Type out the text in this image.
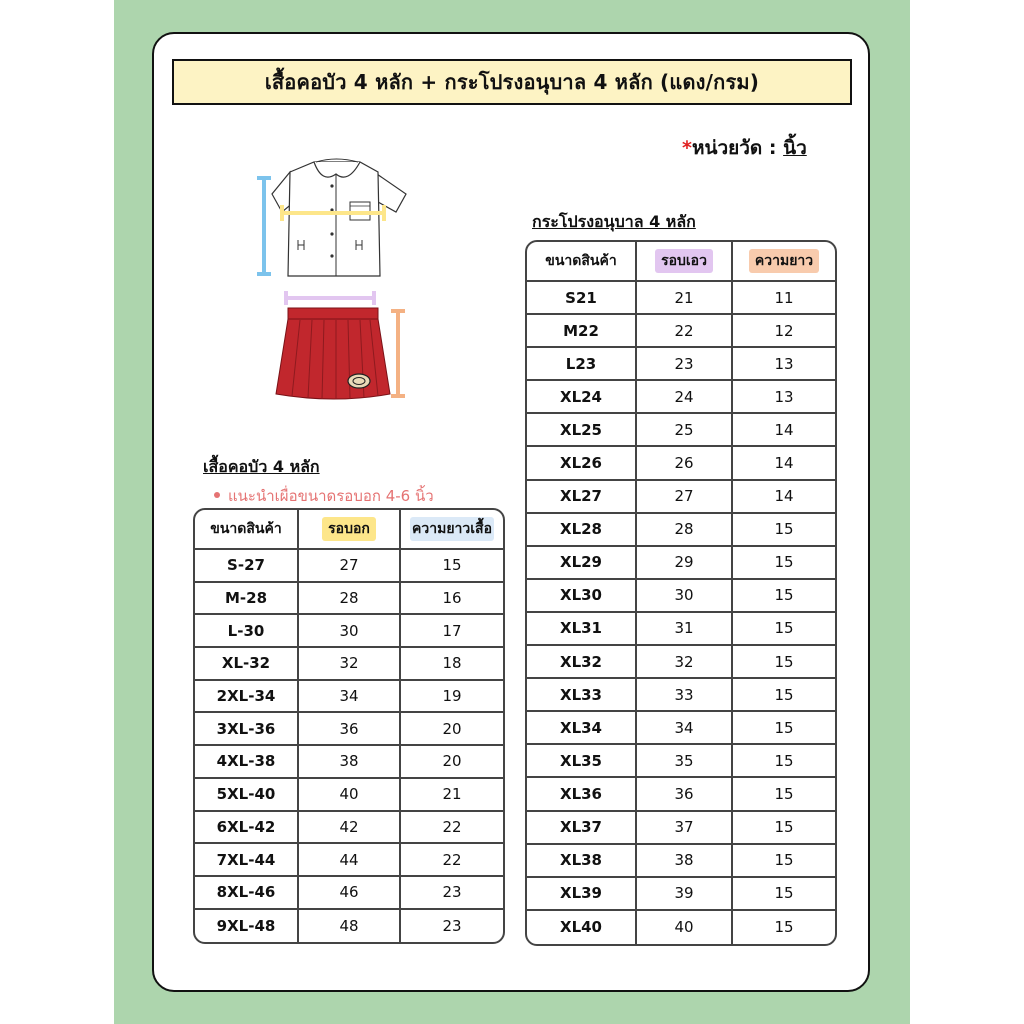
เสื้อคอบัว 4 หลัก + กระโปรงอนุบาล 4 หลัก (แดง/กรม)
*หน่วยวัด : นิ้ว
เสื้อคอบัว 4 หลัก
แนะนำเผื่อขนาดรอบอก 4-6 นิ้ว
ขนาดสินค้า	รอบอก	ความยาวเสื้อ
S-27	27	15
M-28	28	16
L-30	30	17
XL-32	32	18
2XL-34	34	19
3XL-36	36	20
4XL-38	38	20
5XL-40	40	21
6XL-42	42	22
7XL-44	44	22
8XL-46	46	23
9XL-48	48	23
กระโปรงอนุบาล 4 หลัก
ขนาดสินค้า	รอบเอว	ความยาว
S21	21	11
M22	22	12
L23	23	13
XL24	24	13
XL25	25	14
XL26	26	14
XL27	27	14
XL28	28	15
XL29	29	15
XL30	30	15
XL31	31	15
XL32	32	15
XL33	33	15
XL34	34	15
XL35	35	15
XL36	36	15
XL37	37	15
XL38	38	15
XL39	39	15
XL40	40	15
